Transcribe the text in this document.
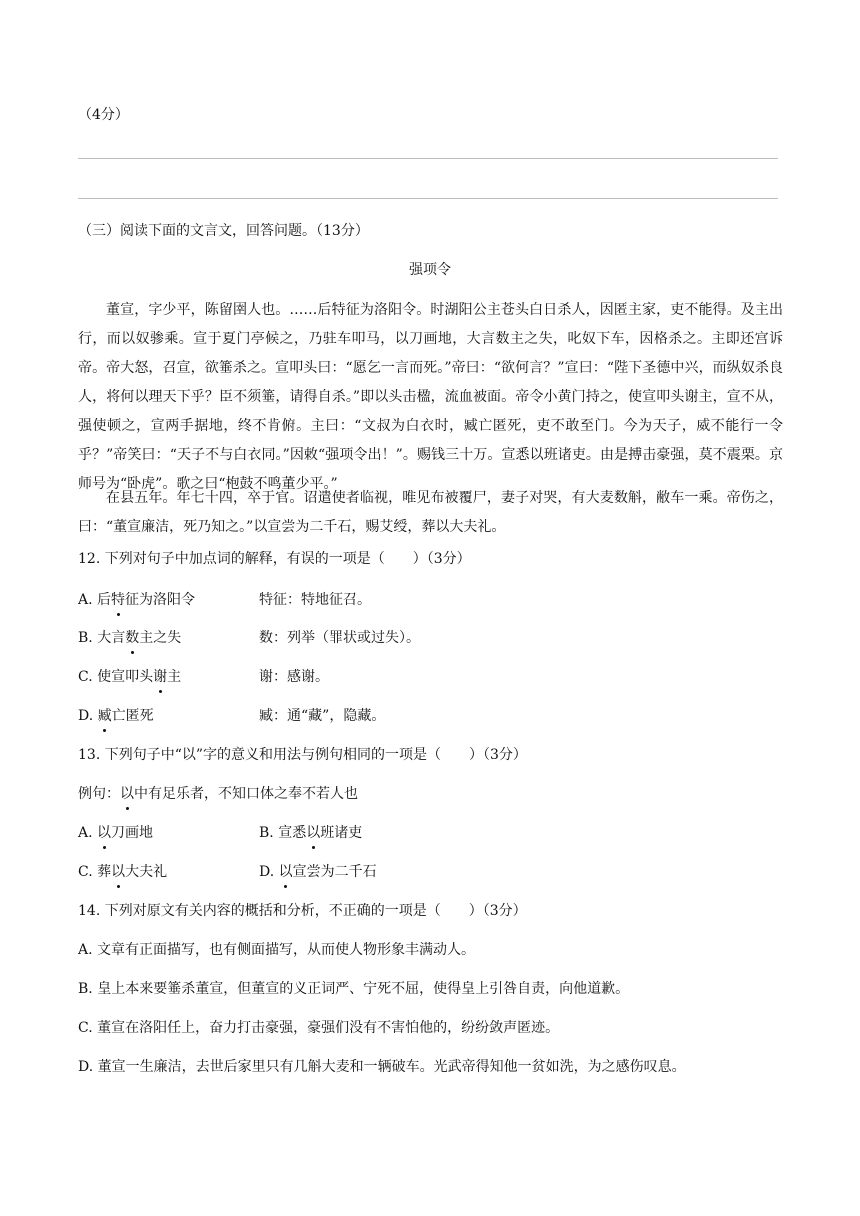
（4分）
（三）阅读下面的文言文，回答问题。（13分）
强项令
董宣，字少平，陈留圉人也。……后特征为洛阳令。时湖阳公主苍头白日杀人，因匿主家，吏不能得。及主出行，而以奴骖乘。宣于夏门亭候之，乃驻车叩马，以刀画地，大言数主之失，叱奴下车，因格杀之。主即还宫诉帝。帝大怒，召宣，欲箠杀之。宣叩头曰：“愿乞一言而死。”帝曰：“欲何言？”宣曰：“陛下圣德中兴，而纵奴杀良人，将何以理天下乎？臣不须箠，请得自杀。”即以头击楹，流血被面。帝令小黄门持之，使宣叩头谢主，宣不从，强使顿之，宣两手据地，终不肯俯。主曰：“文叔为白衣时，臧亡匿死，吏不敢至门。今为天子，威不能行一令乎？”帝笑曰：“天子不与白衣同。”因敕“强项令出！”。赐钱三十万。宣悉以班诸吏。由是搏击豪强，莫不震栗。京师号为“卧虎”。歌之曰“枹鼓不鸣董少平。”
在县五年。年七十四，卒于官。诏遣使者临视，唯见布被覆尸，妻子对哭，有大麦数斛，敝车一乘。帝伤之，曰：“董宣廉洁，死乃知之。”以宣尝为二千石，赐艾绶，葬以大夫礼。
12. 下列对句子中加点词的解释，有误的一项是（　　）（3分）
A. 后特征为洛阳令	特征：特地征召。
B. 大言数主之失	数：列举（罪状或过失）。
C. 使宣叩头谢主	谢：感谢。
D. 臧亡匿死	臧：通“藏”，隐藏。
13. 下列句子中“以”字的意义和用法与例句相同的一项是（　　）（3分）
例句：以中有足乐者，不知口体之奉不若人也
A. 以刀画地	B. 宣悉以班诸吏
C. 葬以大夫礼	D. 以宣尝为二千石
14. 下列对原文有关内容的概括和分析，不正确的一项是（　　）（3分）
A. 文章有正面描写，也有侧面描写，从而使人物形象丰满动人。
B. 皇上本来要箠杀董宣，但董宣的义正词严、宁死不屈，使得皇上引咎自责，向他道歉。
C. 董宣在洛阳任上，奋力打击豪强，豪强们没有不害怕他的，纷纷敛声匿迹。
D. 董宣一生廉洁，去世后家里只有几斛大麦和一辆破车。光武帝得知他一贫如洗，为之感伤叹息。
